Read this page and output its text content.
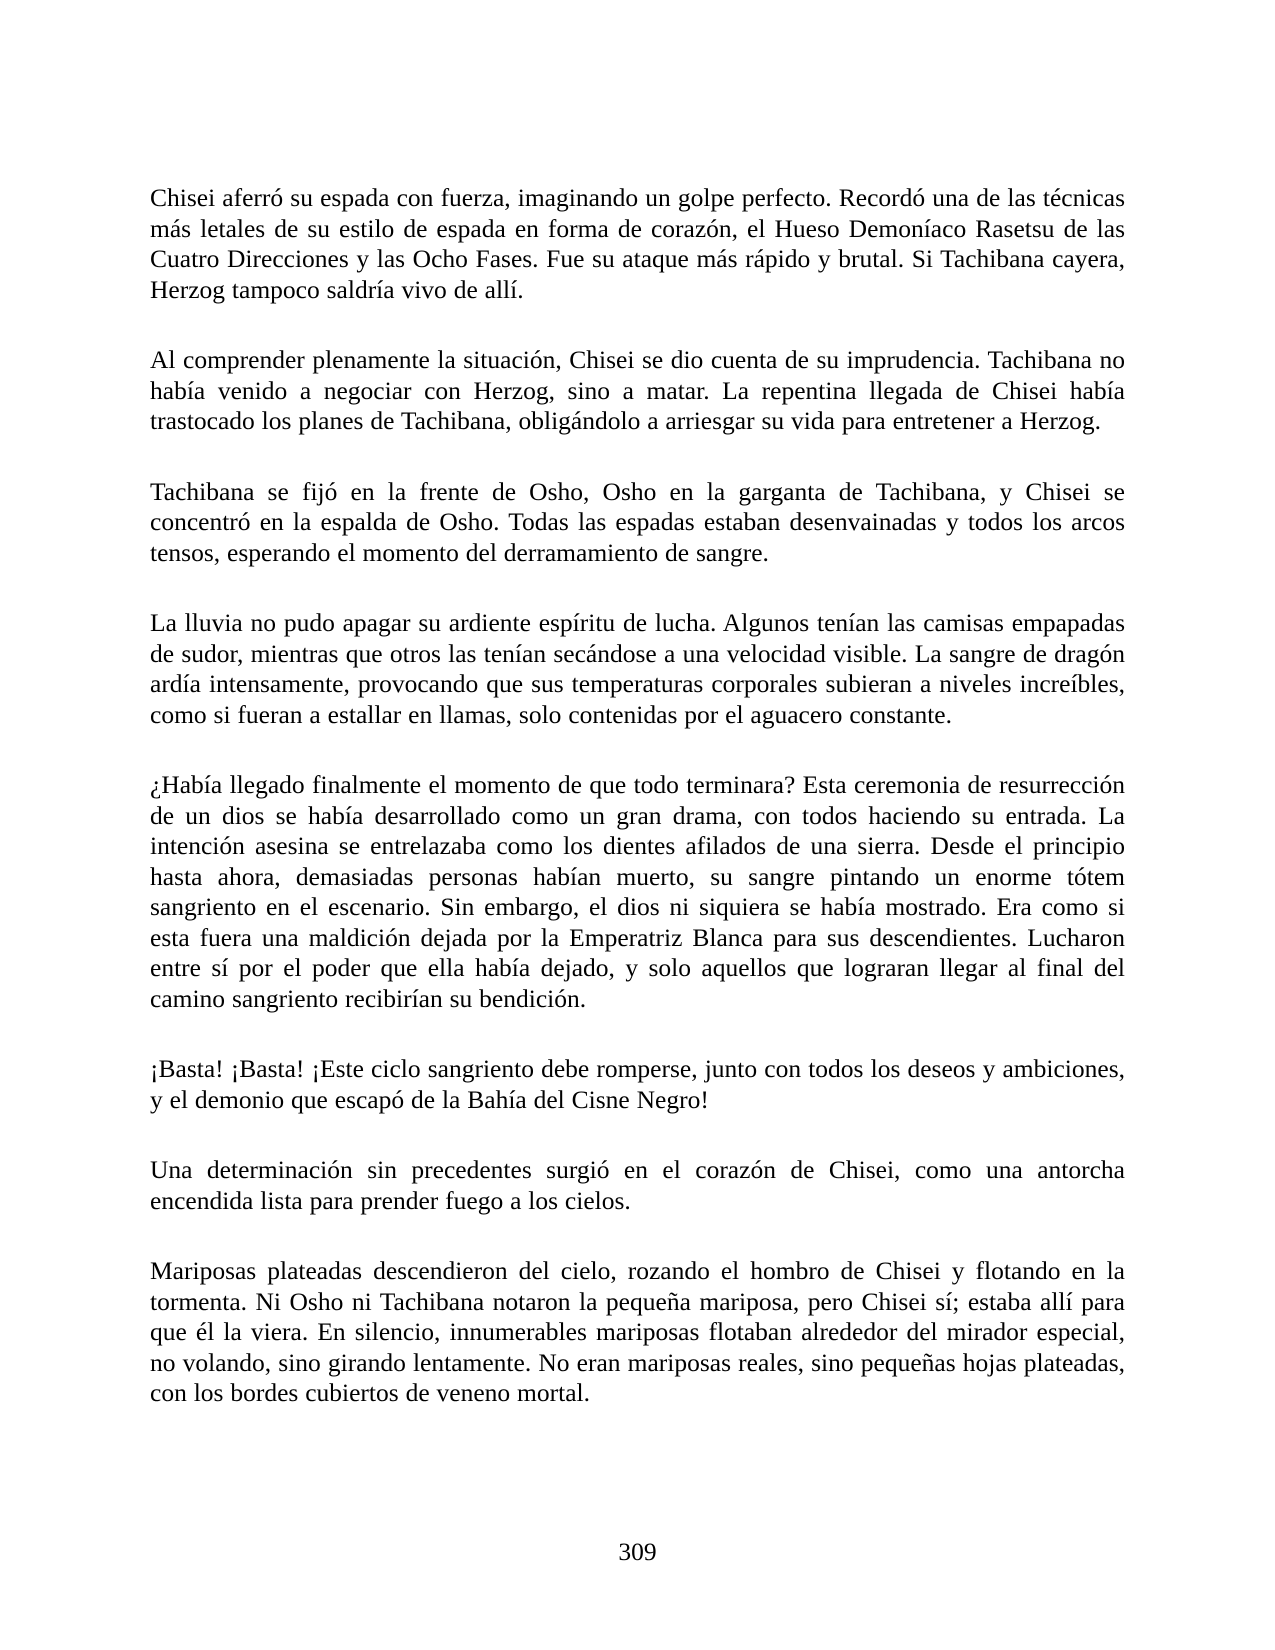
Chisei aferró su espada con fuerza, imaginando un golpe perfecto. Recordó una de las técnicas más letales de su estilo de espada en forma de corazón, el Hueso Demoníaco Rasetsu de las Cuatro Direcciones y las Ocho Fases. Fue su ataque más rápido y brutal. Si Tachibana cayera, Herzog tampoco saldría vivo de allí.

Al comprender plenamente la situación, Chisei se dio cuenta de su imprudencia. Tachibana no había venido a negociar con Herzog, sino a matar. La repentina llegada de Chisei había trastocado los planes de Tachibana, obligándolo a arriesgar su vida para entretener a Herzog.

Tachibana se fijó en la frente de Osho, Osho en la garganta de Tachibana, y Chisei se concentró en la espalda de Osho. Todas las espadas estaban desenvainadas y todos los arcos tensos, esperando el momento del derramamiento de sangre.

La lluvia no pudo apagar su ardiente espíritu de lucha. Algunos tenían las camisas empapadas de sudor, mientras que otros las tenían secándose a una velocidad visible. La sangre de dragón ardía intensamente, provocando que sus temperaturas corporales subieran a niveles increíbles, como si fueran a estallar en llamas, solo contenidas por el aguacero constante.

¿Había llegado finalmente el momento de que todo terminara? Esta ceremonia de resurrección de un dios se había desarrollado como un gran drama, con todos haciendo su entrada. La intención asesina se entrelazaba como los dientes afilados de una sierra. Desde el principio hasta ahora, demasiadas personas habían muerto, su sangre pintando un enorme tótem sangriento en el escenario. Sin embargo, el dios ni siquiera se había mostrado. Era como si esta fuera una maldición dejada por la Emperatriz Blanca para sus descendientes. Lucharon entre sí por el poder que ella había dejado, y solo aquellos que lograran llegar al final del camino sangriento recibirían su bendición.

¡Basta! ¡Basta! ¡Este ciclo sangriento debe romperse, junto con todos los deseos y ambiciones, y el demonio que escapó de la Bahía del Cisne Negro!

Una determinación sin precedentes surgió en el corazón de Chisei, como una antorcha encendida lista para prender fuego a los cielos.

Mariposas plateadas descendieron del cielo, rozando el hombro de Chisei y flotando en la tormenta. Ni Osho ni Tachibana notaron la pequeña mariposa, pero Chisei sí; estaba allí para que él la viera. En silencio, innumerables mariposas flotaban alrededor del mirador especial, no volando, sino girando lentamente. No eran mariposas reales, sino pequeñas hojas plateadas, con los bordes cubiertos de veneno mortal.

309
